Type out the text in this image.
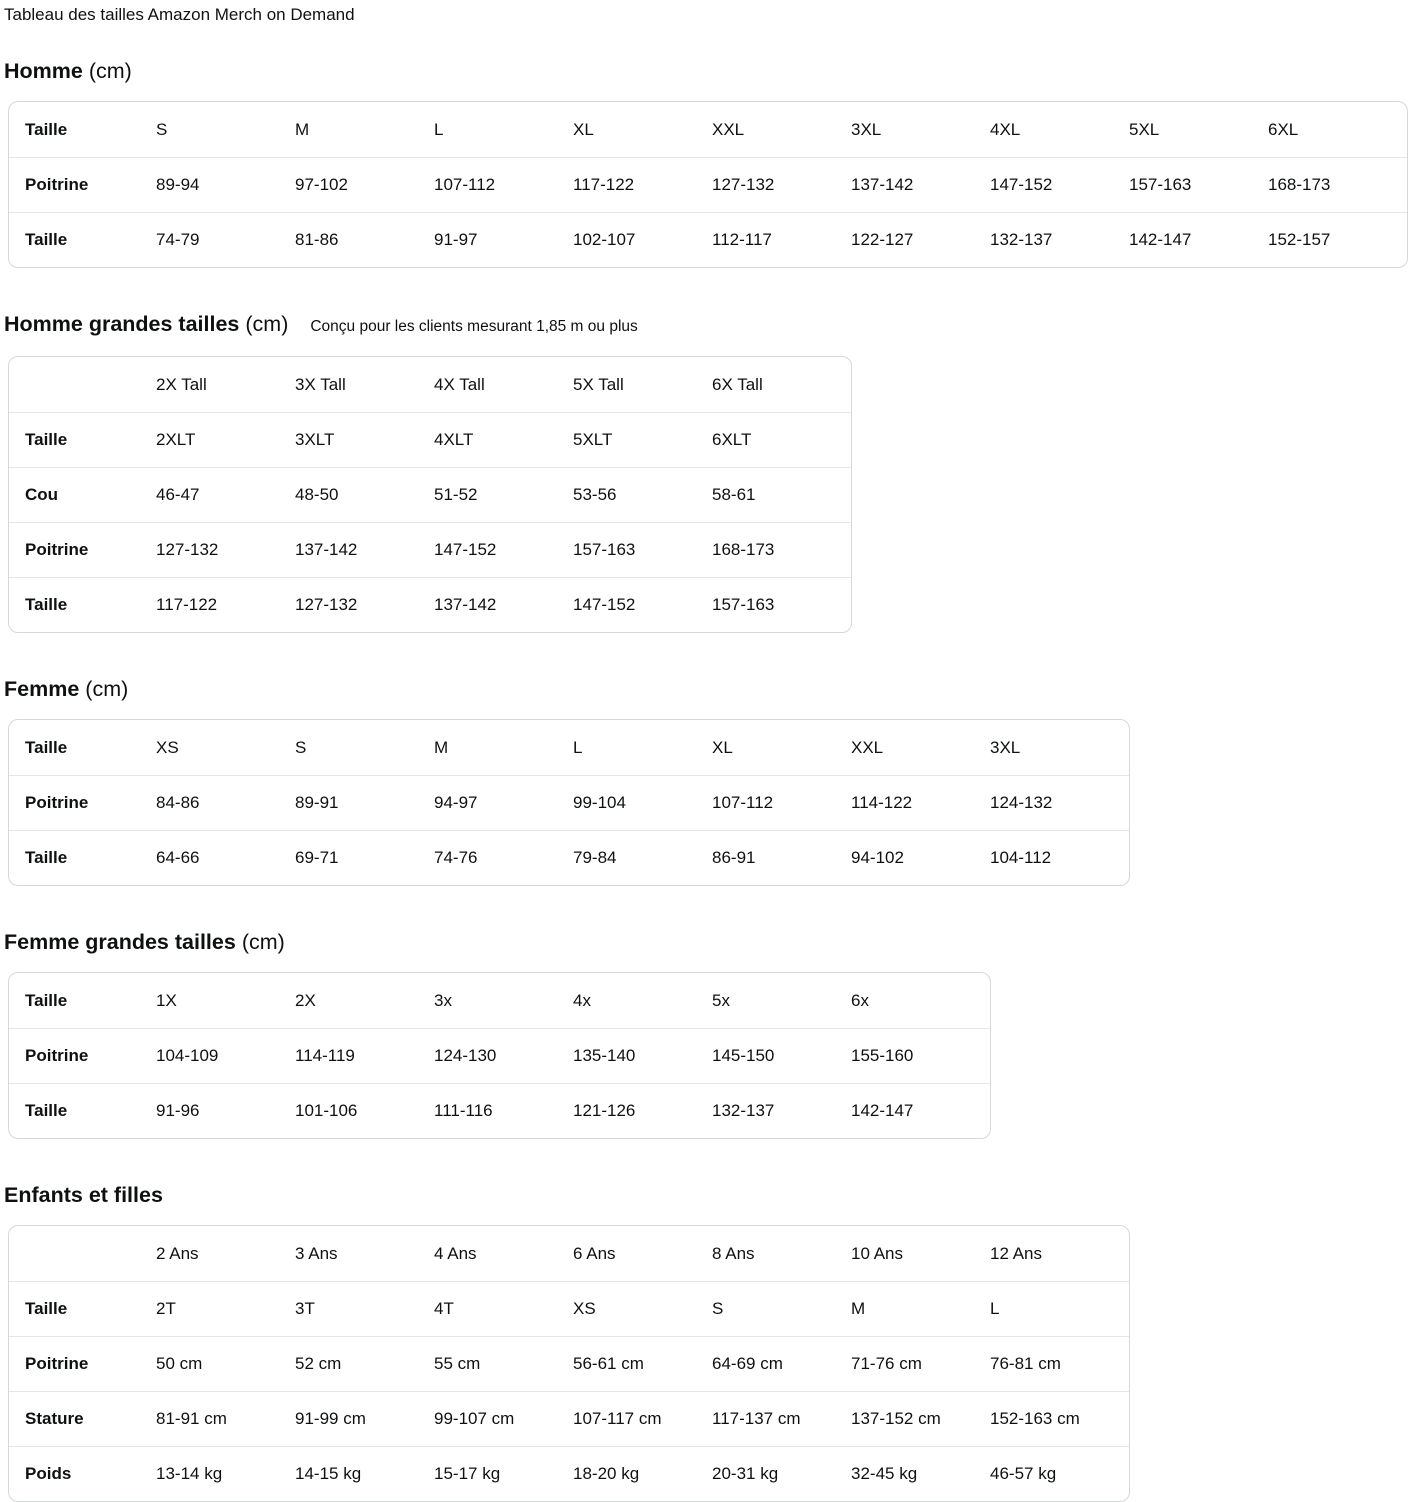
Tableau des tailles Amazon Merch on Demand
Homme (cm)
Taille	S	M	L	XL	XXL	3XL	4XL	5XL	6XL
Poitrine	89-94	97-102	107-112	117-122	127-132	137-142	147-152	157-163	168-173
Taille	74-79	81-86	91-97	102-107	112-117	122-127	132-137	142-147	152-157
Homme grandes tailles (cm) Conçu pour les clients mesurant 1,85 m ou plus
	2X Tall	3X Tall	4X Tall	5X Tall	6X Tall
Taille	2XLT	3XLT	4XLT	5XLT	6XLT
Cou	46-47	48-50	51-52	53-56	58-61
Poitrine	127-132	137-142	147-152	157-163	168-173
Taille	117-122	127-132	137-142	147-152	157-163
Femme (cm)
Taille	XS	S	M	L	XL	XXL	3XL
Poitrine	84-86	89-91	94-97	99-104	107-112	114-122	124-132
Taille	64-66	69-71	74-76	79-84	86-91	94-102	104-112
Femme grandes tailles (cm)
Taille	1X	2X	3x	4x	5x	6x
Poitrine	104-109	114-119	124-130	135-140	145-150	155-160
Taille	91-96	101-106	111-116	121-126	132-137	142-147
Enfants et filles
	2 Ans	3 Ans	4 Ans	6 Ans	8 Ans	10 Ans	12 Ans
Taille	2T	3T	4T	XS	S	M	L
Poitrine	50 cm	52 cm	55 cm	56-61 cm	64-69 cm	71-76 cm	76-81 cm
Stature	81-91 cm	91-99 cm	99-107 cm	107-117 cm	117-137 cm	137-152 cm	152-163 cm
Poids	13-14 kg	14-15 kg	15-17 kg	18-20 kg	20-31 kg	32-45 kg	46-57 kg
